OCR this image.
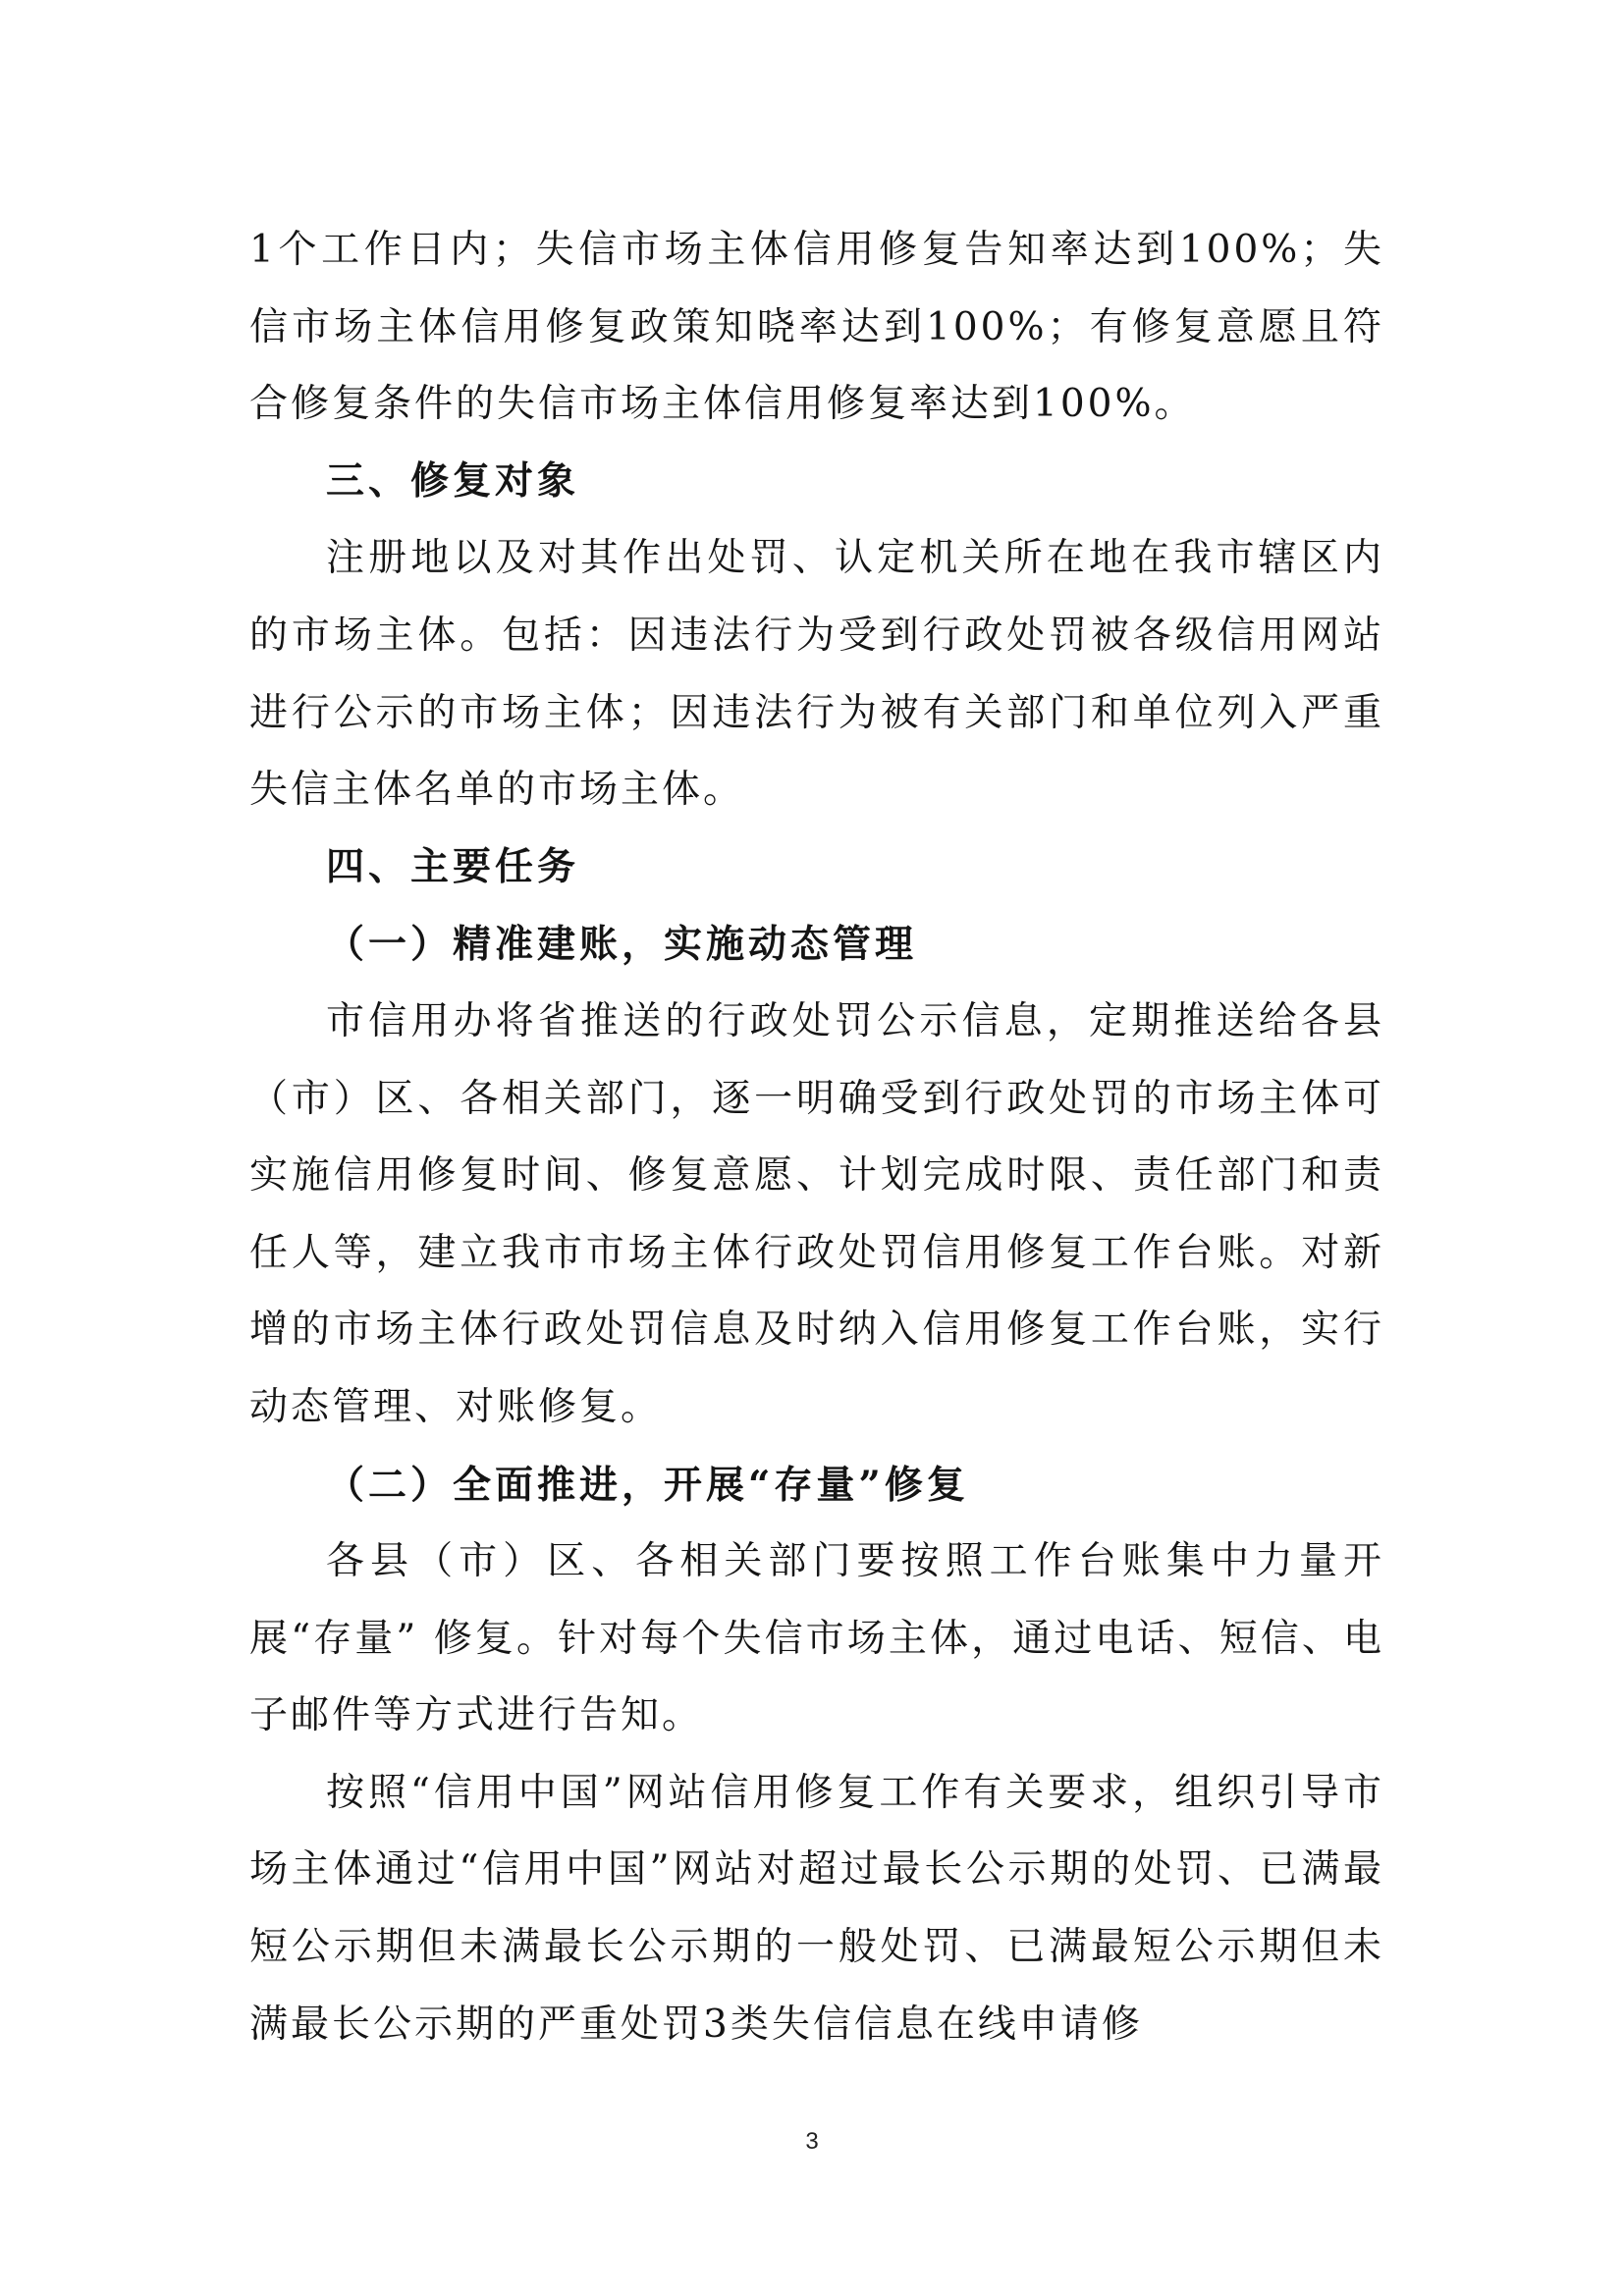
1个工作日内；失信市场主体信用修复告知率达到100%；失信市场主体信用修复政策知晓率达到100%；有修复意愿且符合修复条件的失信市场主体信用修复率达到100%。

三、修复对象

注册地以及对其作出处罚、认定机关所在地在我市辖区内的市场主体。包括：因违法行为受到行政处罚被各级信用网站进行公示的市场主体；因违法行为被有关部门和单位列入严重失信主体名单的市场主体。

四、主要任务

（一）精准建账，实施动态管理

市信用办将省推送的行政处罚公示信息，定期推送给各县（市）区、各相关部门，逐一明确受到行政处罚的市场主体可实施信用修复时间、修复意愿、计划完成时限、责任部门和责任人等，建立我市市场主体行政处罚信用修复工作台账。对新增的市场主体行政处罚信息及时纳入信用修复工作台账，实行动态管理、对账修复。

（二）全面推进，开展“存量”修复

各县（市）区、各相关部门要按照工作台账集中力量开展“存量” 修复。针对每个失信市场主体，通过电话、短信、电子邮件等方式进行告知。

按照“信用中国”网站信用修复工作有关要求，组织引导市场主体通过“信用中国”网站对超过最长公示期的处罚、已满最短公示期但未满最长公示期的一般处罚、已满最短公示期但未满最长公示期的严重处罚3类失信信息在线申请修

3
